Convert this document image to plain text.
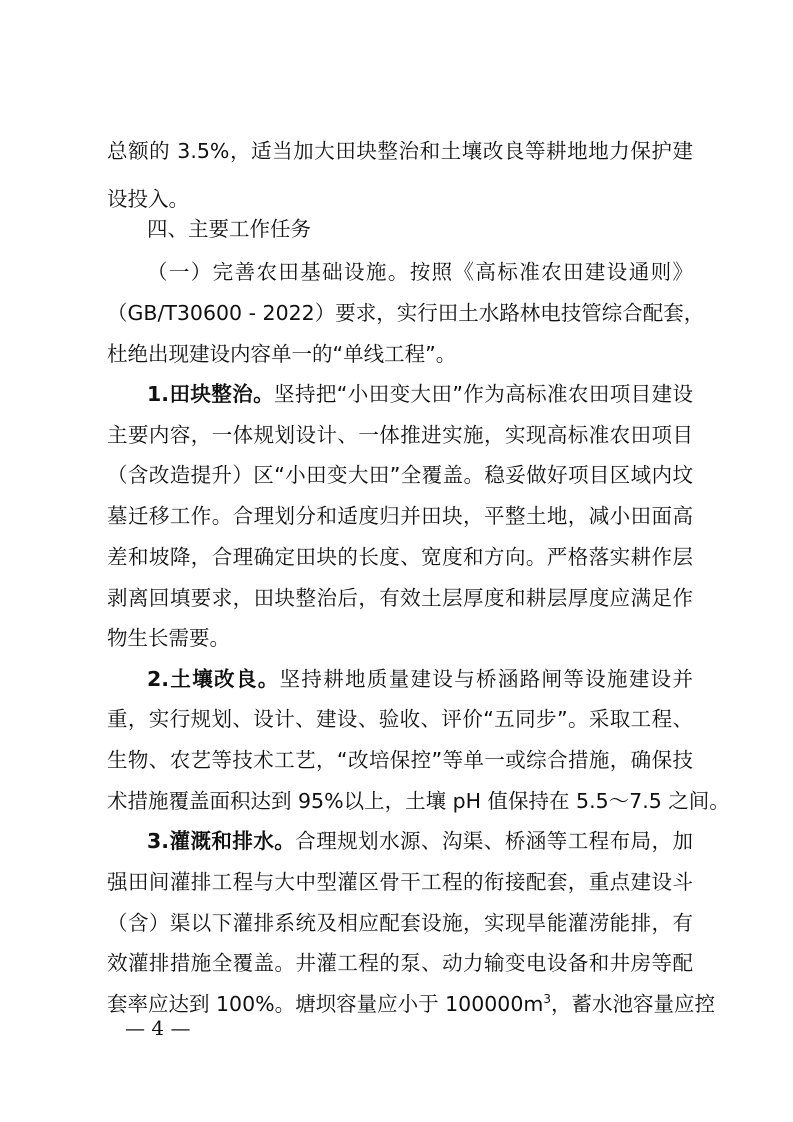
总额的 3.5%，适当加大田块整治和土壤改良等耕地地力保护建
设投入。
四、主要工作任务
（一）完善农田基础设施。按照《高标准农田建设通则》
（GB/T30600 - 2022）要求，实行田土水路林电技管综合配套，
杜绝出现建设内容单一的“单线工程”。
1.田块整治。坚持把“小田变大田”作为高标准农田项目建设
主要内容，一体规划设计、一体推进实施，实现高标准农田项目
（含改造提升）区“小田变大田”全覆盖。稳妥做好项目区域内坟
墓迁移工作。合理划分和适度归并田块，平整土地，减小田面高
差和坡降，合理确定田块的长度、宽度和方向。严格落实耕作层
剥离回填要求，田块整治后，有效土层厚度和耕层厚度应满足作
物生长需要。
2.土壤改良。坚持耕地质量建设与桥涵路闸等设施建设并
重，实行规划、设计、建设、验收、评价“五同步”。采取工程、
生物、农艺等技术工艺，“改培保控”等单一或综合措施，确保技
术措施覆盖面积达到 95%以上，土壤 pH 值保持在 5.5～7.5 之间。
3.灌溉和排水。合理规划水源、沟渠、桥涵等工程布局，加
强田间灌排工程与大中型灌区骨干工程的衔接配套，重点建设斗
（含）渠以下灌排系统及相应配套设施，实现旱能灌涝能排，有
效灌排措施全覆盖。井灌工程的泵、动力输变电设备和井房等配
套率应达到 100%。塘坝容量应小于 $100000m^3$，蓄水池容量应控
— 4 —
